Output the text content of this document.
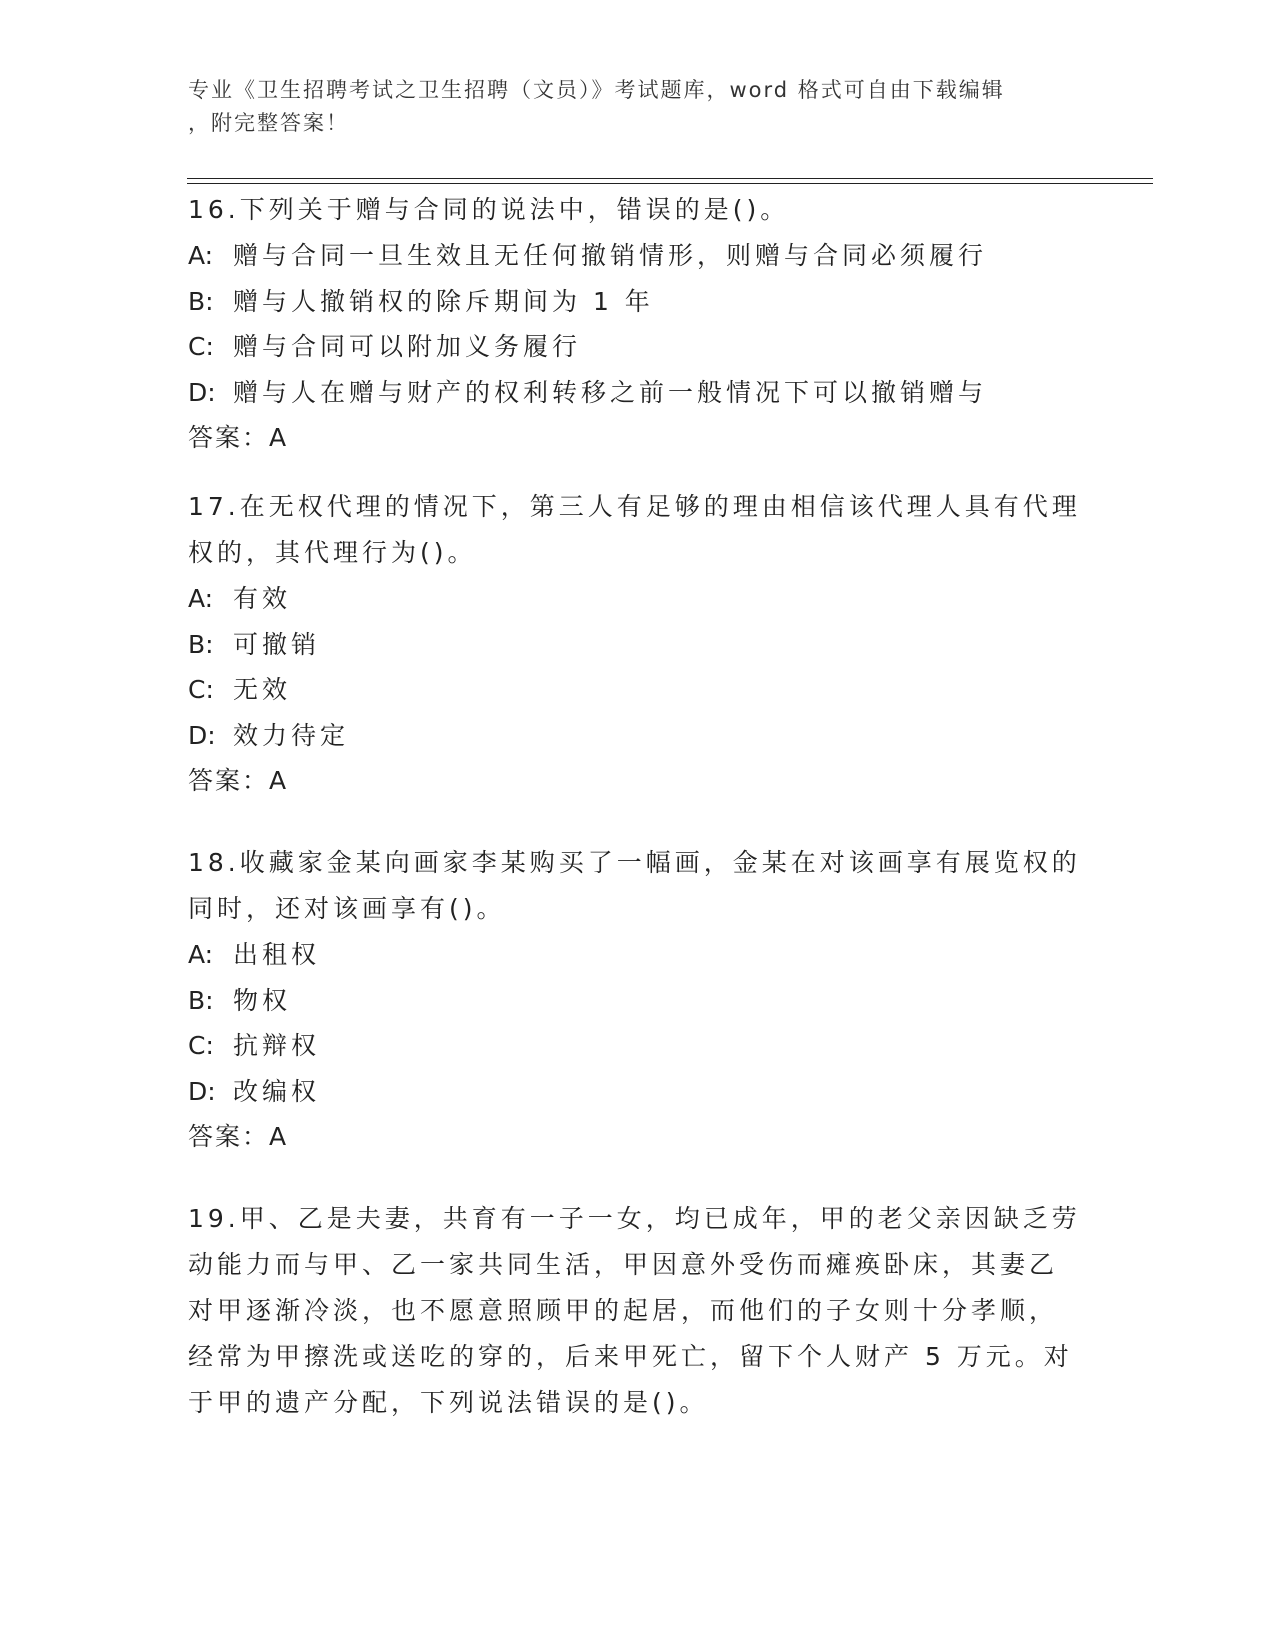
专业《卫生招聘考试之卫生招聘（文员）》考试题库，word 格式可自由下载编辑
，附完整答案！
16.下列关于赠与合同的说法中，错误的是()。
A: 赠与合同一旦生效且无任何撤销情形，则赠与合同必须履行
B: 赠与人撤销权的除斥期间为 1 年
C: 赠与合同可以附加义务履行
D: 赠与人在赠与财产的权利转移之前一般情况下可以撤销赠与
答案：A
17.在无权代理的情况下，第三人有足够的理由相信该代理人具有代理
权的，其代理行为()。
A: 有效
B: 可撤销
C: 无效
D: 效力待定
答案：A
18.收藏家金某向画家李某购买了一幅画，金某在对该画享有展览权的
同时，还对该画享有()。
A: 出租权
B: 物权
C: 抗辩权
D: 改编权
答案：A
19.甲、乙是夫妻，共育有一子一女，均已成年，甲的老父亲因缺乏劳
动能力而与甲、乙一家共同生活，甲因意外受伤而瘫痪卧床，其妻乙
对甲逐渐冷淡，也不愿意照顾甲的起居，而他们的子女则十分孝顺，
经常为甲擦洗或送吃的穿的，后来甲死亡，留下个人财产 5 万元。对
于甲的遗产分配，下列说法错误的是()。
